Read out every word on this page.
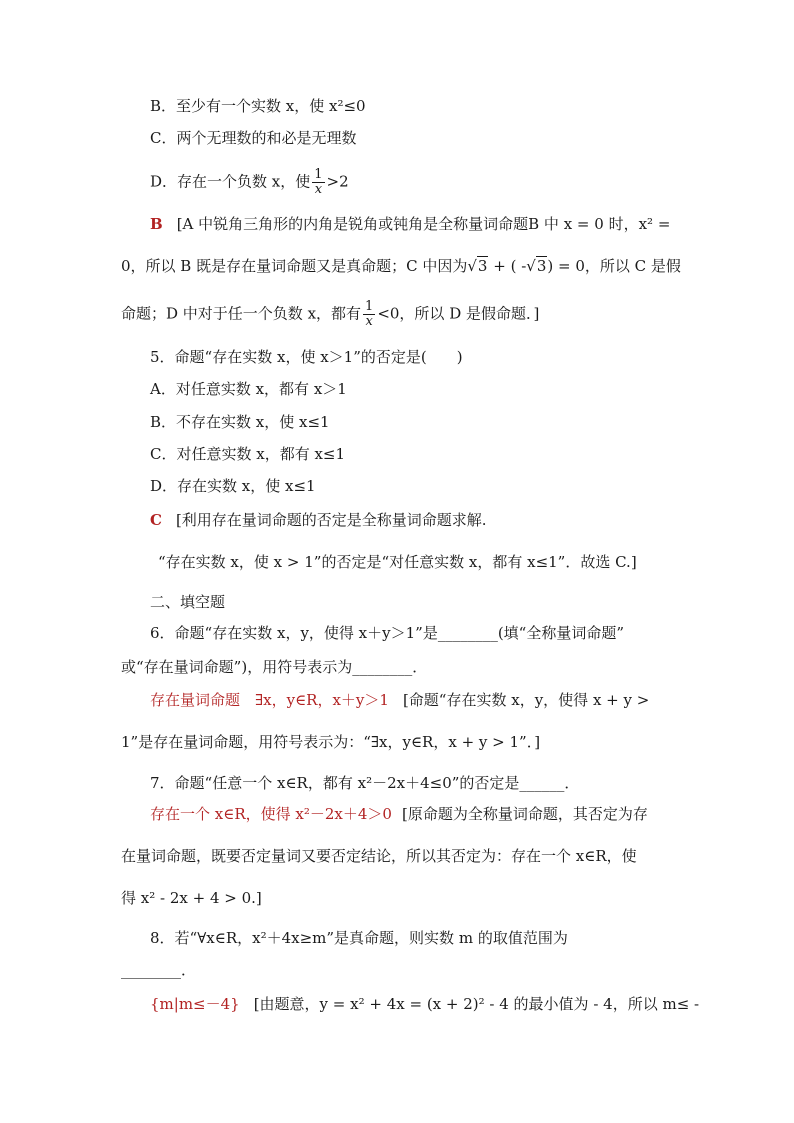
B．至少有一个实数 x，使 x²≤0
C．两个无理数的和必是无理数
D．存在一个负数 x，使 $\frac{1}{x} >2$
B [A 中锐角三角形的内角是锐角或钝角是全称量词命题B 中 x = 0 时，x² =
0，所以 B 既是存在量词命题又是真命题；C 中因为√3 + ( -√3) = 0，所以 C 是假
命题；D 中对于任一个负数 x，都有 $\frac{1}{x} <0$，所以 D 是假命题．]
5．命题“存在实数 x，使 x＞1”的否定是(　　)
A．对任意实数 x，都有 x＞1
B．不存在实数 x，使 x≤1
C．对任意实数 x，都有 x≤1
D．存在实数 x，使 x≤1
C [利用存在量词命题的否定是全称量词命题求解.
“存在实数 x，使 x > 1”的否定是“对任意实数 x，都有 x≤1”．故选 C.]
二、填空题
6．命题“存在实数 x，y，使得 x＋y＞1”是________(填“全称量词命题”
或“存在量词命题”)，用符号表示为________．
存在量词命题　∃x，y∈R，x＋y＞1 [命题“存在实数 x，y，使得 x + y >
1”是存在量词命题，用符号表示为：“∃x，y∈R，x + y > 1”．]
7．命题“任意一个 x∈R，都有 x²－2x＋4≤0”的否定是______．
存在一个 x∈R，使得 x²－2x＋4＞0 [原命题为全称量词命题，其否定为存
在量词命题，既要否定量词又要否定结论，所以其否定为：存在一个 x∈R，使
得 x² - 2x + 4 > 0.]
8．若“∀x∈R，x²＋4x≥m”是真命题，则实数 m 的取值范围为
________．
{m|m≤－4} [由题意，y = x² + 4x = (x + 2)² - 4 的最小值为 - 4，所以 m≤ -
